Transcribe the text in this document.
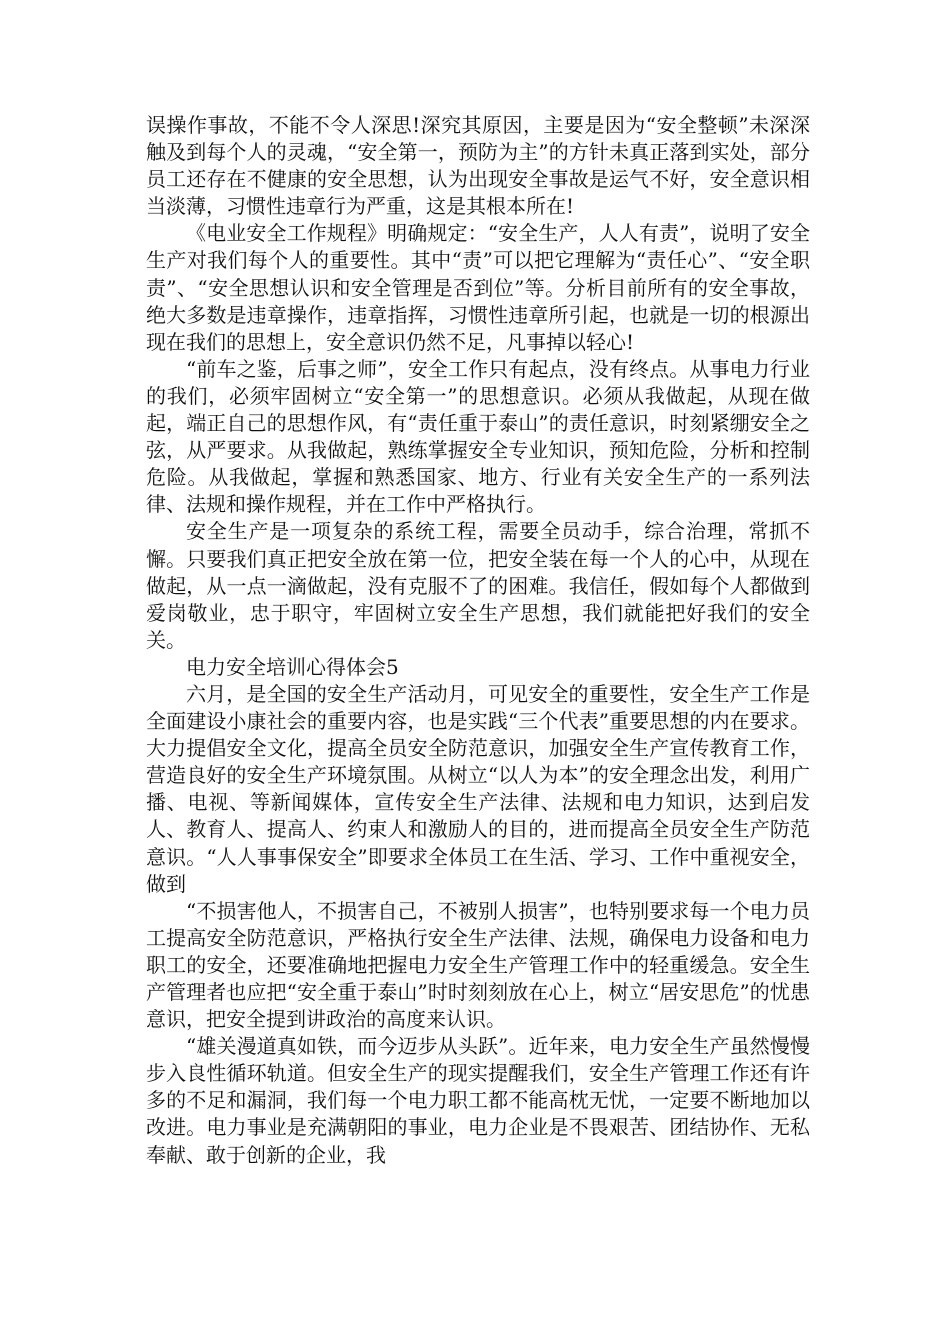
误操作事故，不能不令人深思!深究其原因，主要是因为“安全整顿”未深深触及到每个人的灵魂，“安全第一，预防为主”的方针未真正落到实处，部分员工还存在不健康的安全思想，认为出现安全事故是运气不好，安全意识相当淡薄，习惯性违章行为严重，这是其根本所在!

《电业安全工作规程》明确规定：“安全生产，人人有责”，说明了安全生产对我们每个人的重要性。其中“责”可以把它理解为“责任心”、“安全职责”、“安全思想认识和安全管理是否到位”等。分析目前所有的安全事故，绝大多数是违章操作，违章指挥，习惯性违章所引起，也就是一切的根源出现在我们的思想上，安全意识仍然不足，凡事掉以轻心!

“前车之鉴，后事之师”，安全工作只有起点，没有终点。从事电力行业的我们，必须牢固树立“安全第一”的思想意识。必须从我做起，从现在做起，端正自己的思想作风，有“责任重于泰山”的责任意识，时刻紧绷安全之弦，从严要求。从我做起，熟练掌握安全专业知识，预知危险，分析和控制危险。从我做起，掌握和熟悉国家、地方、行业有关安全生产的一系列法律、法规和操作规程，并在工作中严格执行。

安全生产是一项复杂的系统工程，需要全员动手，综合治理，常抓不懈。只要我们真正把安全放在第一位，把安全装在每一个人的心中，从现在做起，从一点一滴做起，没有克服不了的困难。我信任，假如每个人都做到爱岗敬业，忠于职守，牢固树立安全生产思想，我们就能把好我们的安全关。

电力安全培训心得体会5

六月，是全国的安全生产活动月，可见安全的重要性，安全生产工作是全面建设小康社会的重要内容，也是实践“三个代表”重要思想的内在要求。大力提倡安全文化，提高全员安全防范意识，加强安全生产宣传教育工作，营造良好的安全生产环境氛围。从树立“以人为本”的安全理念出发，利用广播、电视、等新闻媒体，宣传安全生产法律、法规和电力知识，达到启发人、教育人、提高人、约束人和激励人的目的，进而提高全员安全生产防范意识。“人人事事保安全”即要求全体员工在生活、学习、工作中重视安全，做到

“不损害他人，不损害自己，不被别人损害”，也特别要求每一个电力员工提高安全防范意识，严格执行安全生产法律、法规，确保电力设备和电力职工的安全，还要准确地把握电力安全生产管理工作中的轻重缓急。安全生产管理者也应把“安全重于泰山”时时刻刻放在心上，树立“居安思危”的忧患意识，把安全提到讲政治的高度来认识。

“雄关漫道真如铁，而今迈步从头跃”。近年来，电力安全生产虽然慢慢步入良性循环轨道。但安全生产的现实提醒我们，安全生产管理工作还有许多的不足和漏洞，我们每一个电力职工都不能高枕无忧，一定要不断地加以改进。电力事业是充满朝阳的事业，电力企业是不畏艰苦、团结协作、无私奉献、敢于创新的企业，我
